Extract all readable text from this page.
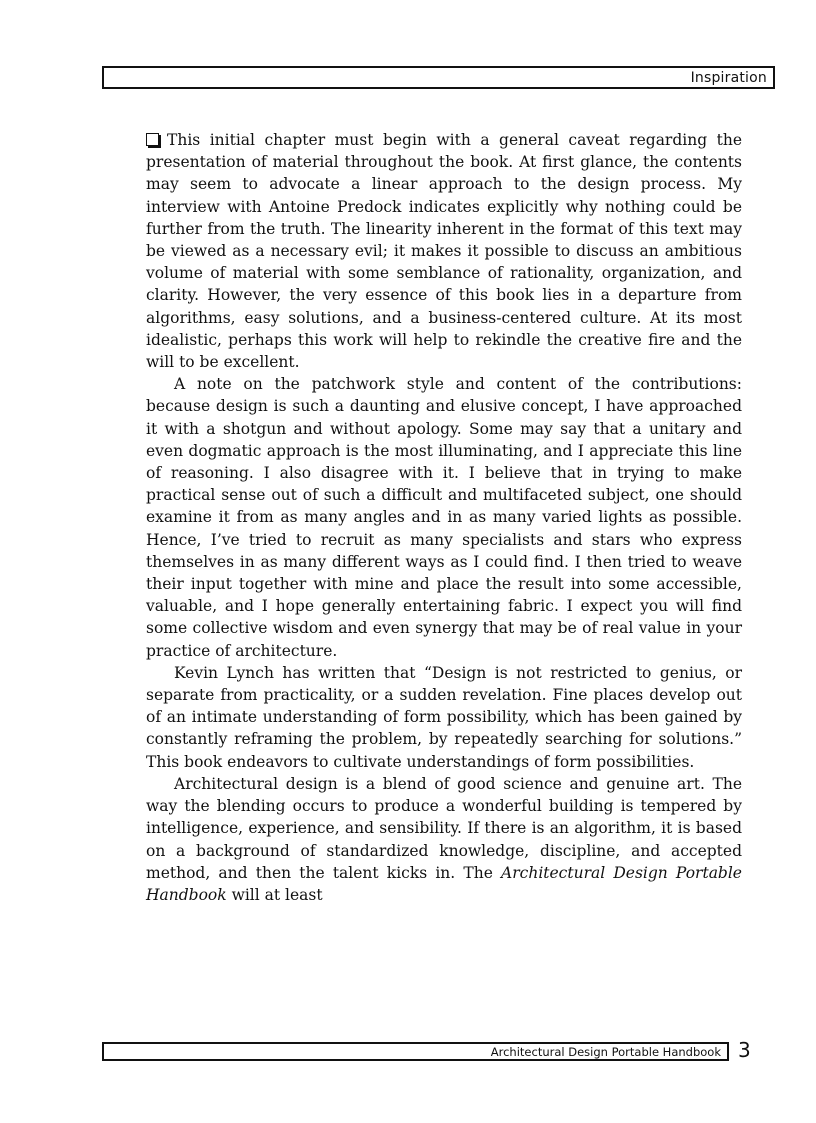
Inspiration

This initial chapter must begin with a general caveat regarding the presentation of material throughout the book. At first glance, the contents may seem to advocate a linear approach to the design process. My interview with Antoine Predock indicates explicitly why nothing could be further from the truth. The linearity inherent in the format of this text may be viewed as a necessary evil; it makes it possible to discuss an ambitious volume of material with some semblance of rationality, organization, and clarity. However, the very essence of this book lies in a departure from algorithms, easy solutions, and a business-centered culture. At its most idealistic, perhaps this work will help to rekindle the creative fire and the will to be excellent.

A note on the patchwork style and content of the contributions: because design is such a daunting and elusive concept, I have approached it with a shotgun and without apology. Some may say that a unitary and even dogmatic approach is the most illuminating, and I appreciate this line of reasoning. I also disagree with it. I believe that in trying to make practical sense out of such a difficult and multifaceted subject, one should examine it from as many angles and in as many varied lights as possible. Hence, I’ve tried to recruit as many specialists and stars who express themselves in as many different ways as I could find. I then tried to weave their input together with mine and place the result into some accessible, valuable, and I hope generally entertaining fabric. I expect you will find some collective wisdom and even synergy that may be of real value in your practice of architecture.

Kevin Lynch has written that “Design is not restricted to genius, or separate from practicality, or a sudden revelation. Fine places develop out of an intimate understanding of form possibility, which has been gained by constantly reframing the problem, by repeatedly searching for solutions.” This book endeavors to cultivate understandings of form possibilities.

Architectural design is a blend of good science and genuine art. The way the blending occurs to produce a wonderful building is tempered by intelligence, experience, and sensibility. If there is an algorithm, it is based on a background of standardized knowledge, discipline, and accepted method, and then the talent kicks in. The Architectural Design Portable Handbook will at least

Architectural Design Portable Handbook 3
